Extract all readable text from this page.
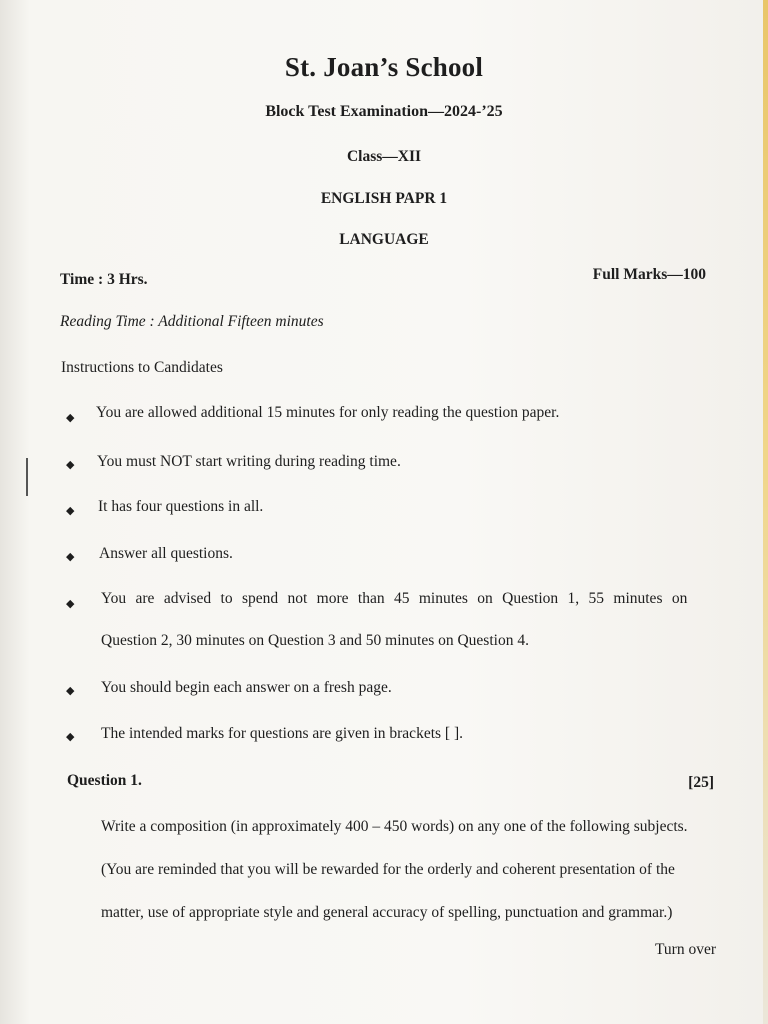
St. Joan’s School
Block Test Examination—2024-’25
Class—XII
ENGLISH PAPR 1
LANGUAGE
Time : 3 Hrs.	Full Marks—100
Reading Time : Additional Fifteen minutes
Instructions to Candidates
◆ You are allowed additional 15 minutes for only reading the question paper.
◆ You must NOT start writing during reading time.
◆ It has four questions in all.
◆ Answer all questions.
◆ You are advised to spend not more than 45 minutes on Question 1, 55 minutes on
Question 2, 30 minutes on Question 3 and 50 minutes on Question 4.
◆ You should begin each answer on a fresh page.
◆ The intended marks for questions are given in brackets [ ].
Question 1.	[25]
Write a composition (in approximately 400 – 450 words) on any one of the following subjects.
(You are reminded that you will be rewarded for the orderly and coherent presentation of the
matter, use of appropriate style and general accuracy of spelling, punctuation and grammar.)
Turn over
